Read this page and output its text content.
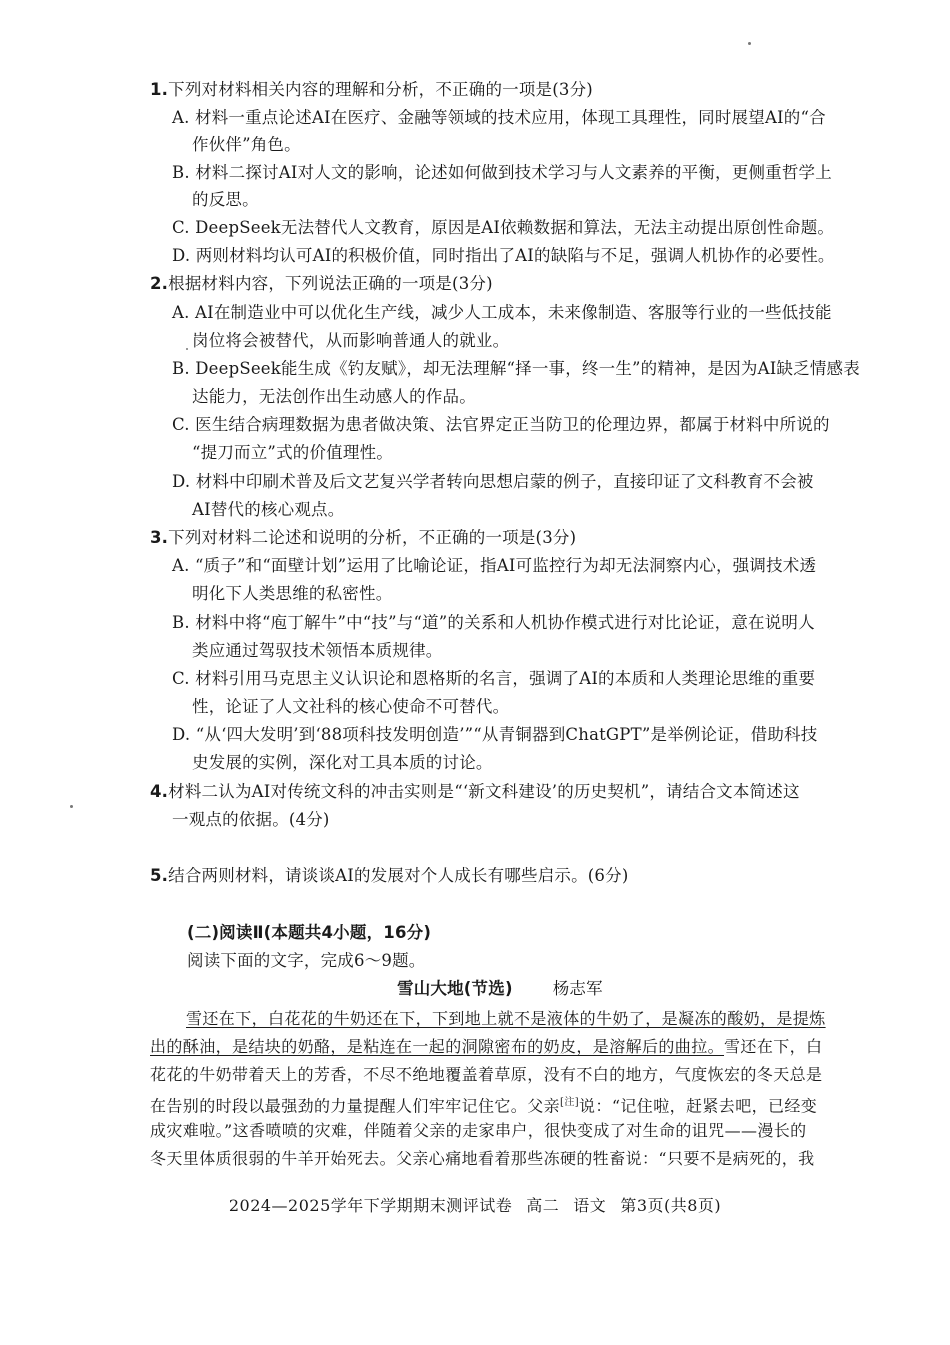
1.下列对材料相关内容的理解和分析，不正确的一项是(3分)
A. 材料一重点论述AI在医疗、金融等领域的技术应用，体现工具理性，同时展望AI的“合
作伙伴”角色。
B. 材料二探讨AI对人文的影响，论述如何做到技术学习与人文素养的平衡，更侧重哲学上
的反思。
C. DeepSeek无法替代人文教育，原因是AI依赖数据和算法，无法主动提出原创性命题。
D. 两则材料均认可AI的积极价值，同时指出了AI的缺陷与不足，强调人机协作的必要性。
2.根据材料内容，下列说法正确的一项是(3分)
A. AI在制造业中可以优化生产线，减少人工成本，未来像制造、客服等行业的一些低技能
岗位将会被替代，从而影响普通人的就业。
B. DeepSeek能生成《钓友赋》，却无法理解“择一事，终一生”的精神，是因为AI缺乏情感表
达能力，无法创作出生动感人的作品。
C. 医生结合病理数据为患者做决策、法官界定正当防卫的伦理边界，都属于材料中所说的
“提刀而立”式的价值理性。
D. 材料中印刷术普及后文艺复兴学者转向思想启蒙的例子，直接印证了文科教育不会被
AI替代的核心观点。
3.下列对材料二论述和说明的分析，不正确的一项是(3分)
A. “质子”和“面壁计划”运用了比喻论证，指AI可监控行为却无法洞察内心，强调技术透
明化下人类思维的私密性。
B. 材料中将“庖丁解牛”中“技”与“道”的关系和人机协作模式进行对比论证，意在说明人
类应通过驾驭技术领悟本质规律。
C. 材料引用马克思主义认识论和恩格斯的名言，强调了AI的本质和人类理论思维的重要
性，论证了人文社科的核心使命不可替代。
D. “从‘四大发明’到‘88项科技发明创造’”“从青铜器到ChatGPT”是举例论证，借助科技
史发展的实例，深化对工具本质的讨论。
4.材料二认为AI对传统文科的冲击实则是“‘新文科建设’的历史契机”，请结合文本简述这
一观点的依据。(4分)
5.结合两则材料，请谈谈AI的发展对个人成长有哪些启示。(6分)
(二)阅读Ⅱ(本题共4小题，16分)
阅读下面的文字，完成6～9题。
雪山大地(节选) 杨志军
雪还在下，白花花的牛奶还在下，下到地上就不是液体的牛奶了，是凝冻的酸奶，是提炼
出的酥油，是结块的奶酪，是粘连在一起的洞隙密布的奶皮，是溶解后的曲拉。雪还在下，白
花花的牛奶带着天上的芳香，不尽不绝地覆盖着草原，没有不白的地方，气度恢宏的冬天总是
在告别的时段以最强劲的力量提醒人们牢牢记住它。父亲[注]说：“记住啦，赶紧去吧，已经变
成灾难啦。”这香喷喷的灾难，伴随着父亲的走家串户，很快变成了对生命的诅咒——漫长的
冬天里体质很弱的牛羊开始死去。父亲心痛地看着那些冻硬的牲畜说：“只要不是病死的，我
2024—2025学年下学期期末测评试卷 高二 语文 第3页(共8页)
